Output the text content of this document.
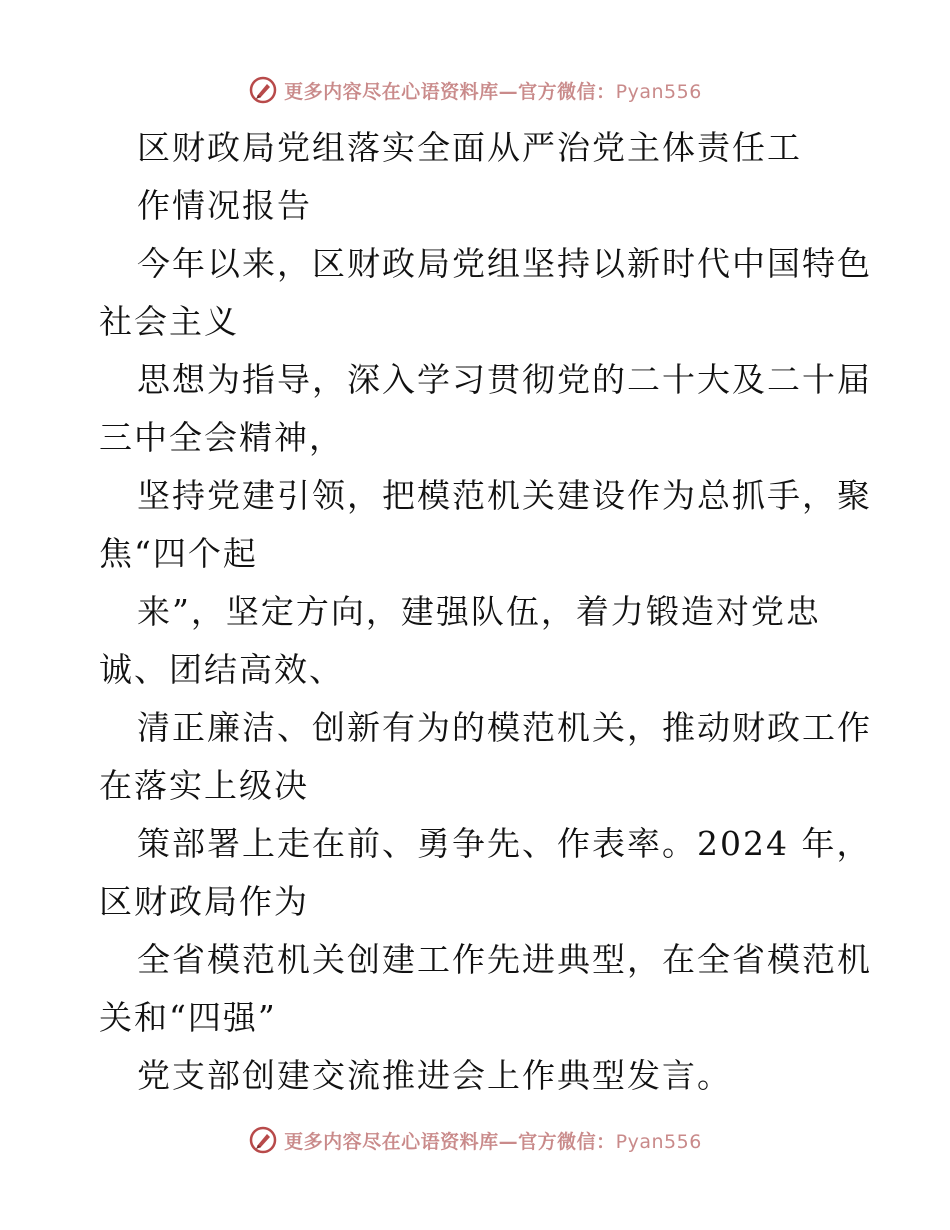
更多内容尽在心语资料库—官方微信：Pyan556
区财政局党组落实全面从严治党主体责任工
作情况报告
今年以来，区财政局党组坚持以新时代中国特色
社会主义
思想为指导，深入学习贯彻党的二十大及二十届
三中全会精神，
坚持党建引领，把模范机关建设作为总抓手，聚
焦“四个起
来”，坚定方向，建强队伍，着力锻造对党忠
诚、团结高效、
清正廉洁、创新有为的模范机关，推动财政工作
在落实上级决
策部署上走在前、勇争先、作表率。2024 年，
区财政局作为
全省模范机关创建工作先进典型，在全省模范机
关和“四强”
党支部创建交流推进会上作典型发言。
更多内容尽在心语资料库—官方微信：Pyan556
